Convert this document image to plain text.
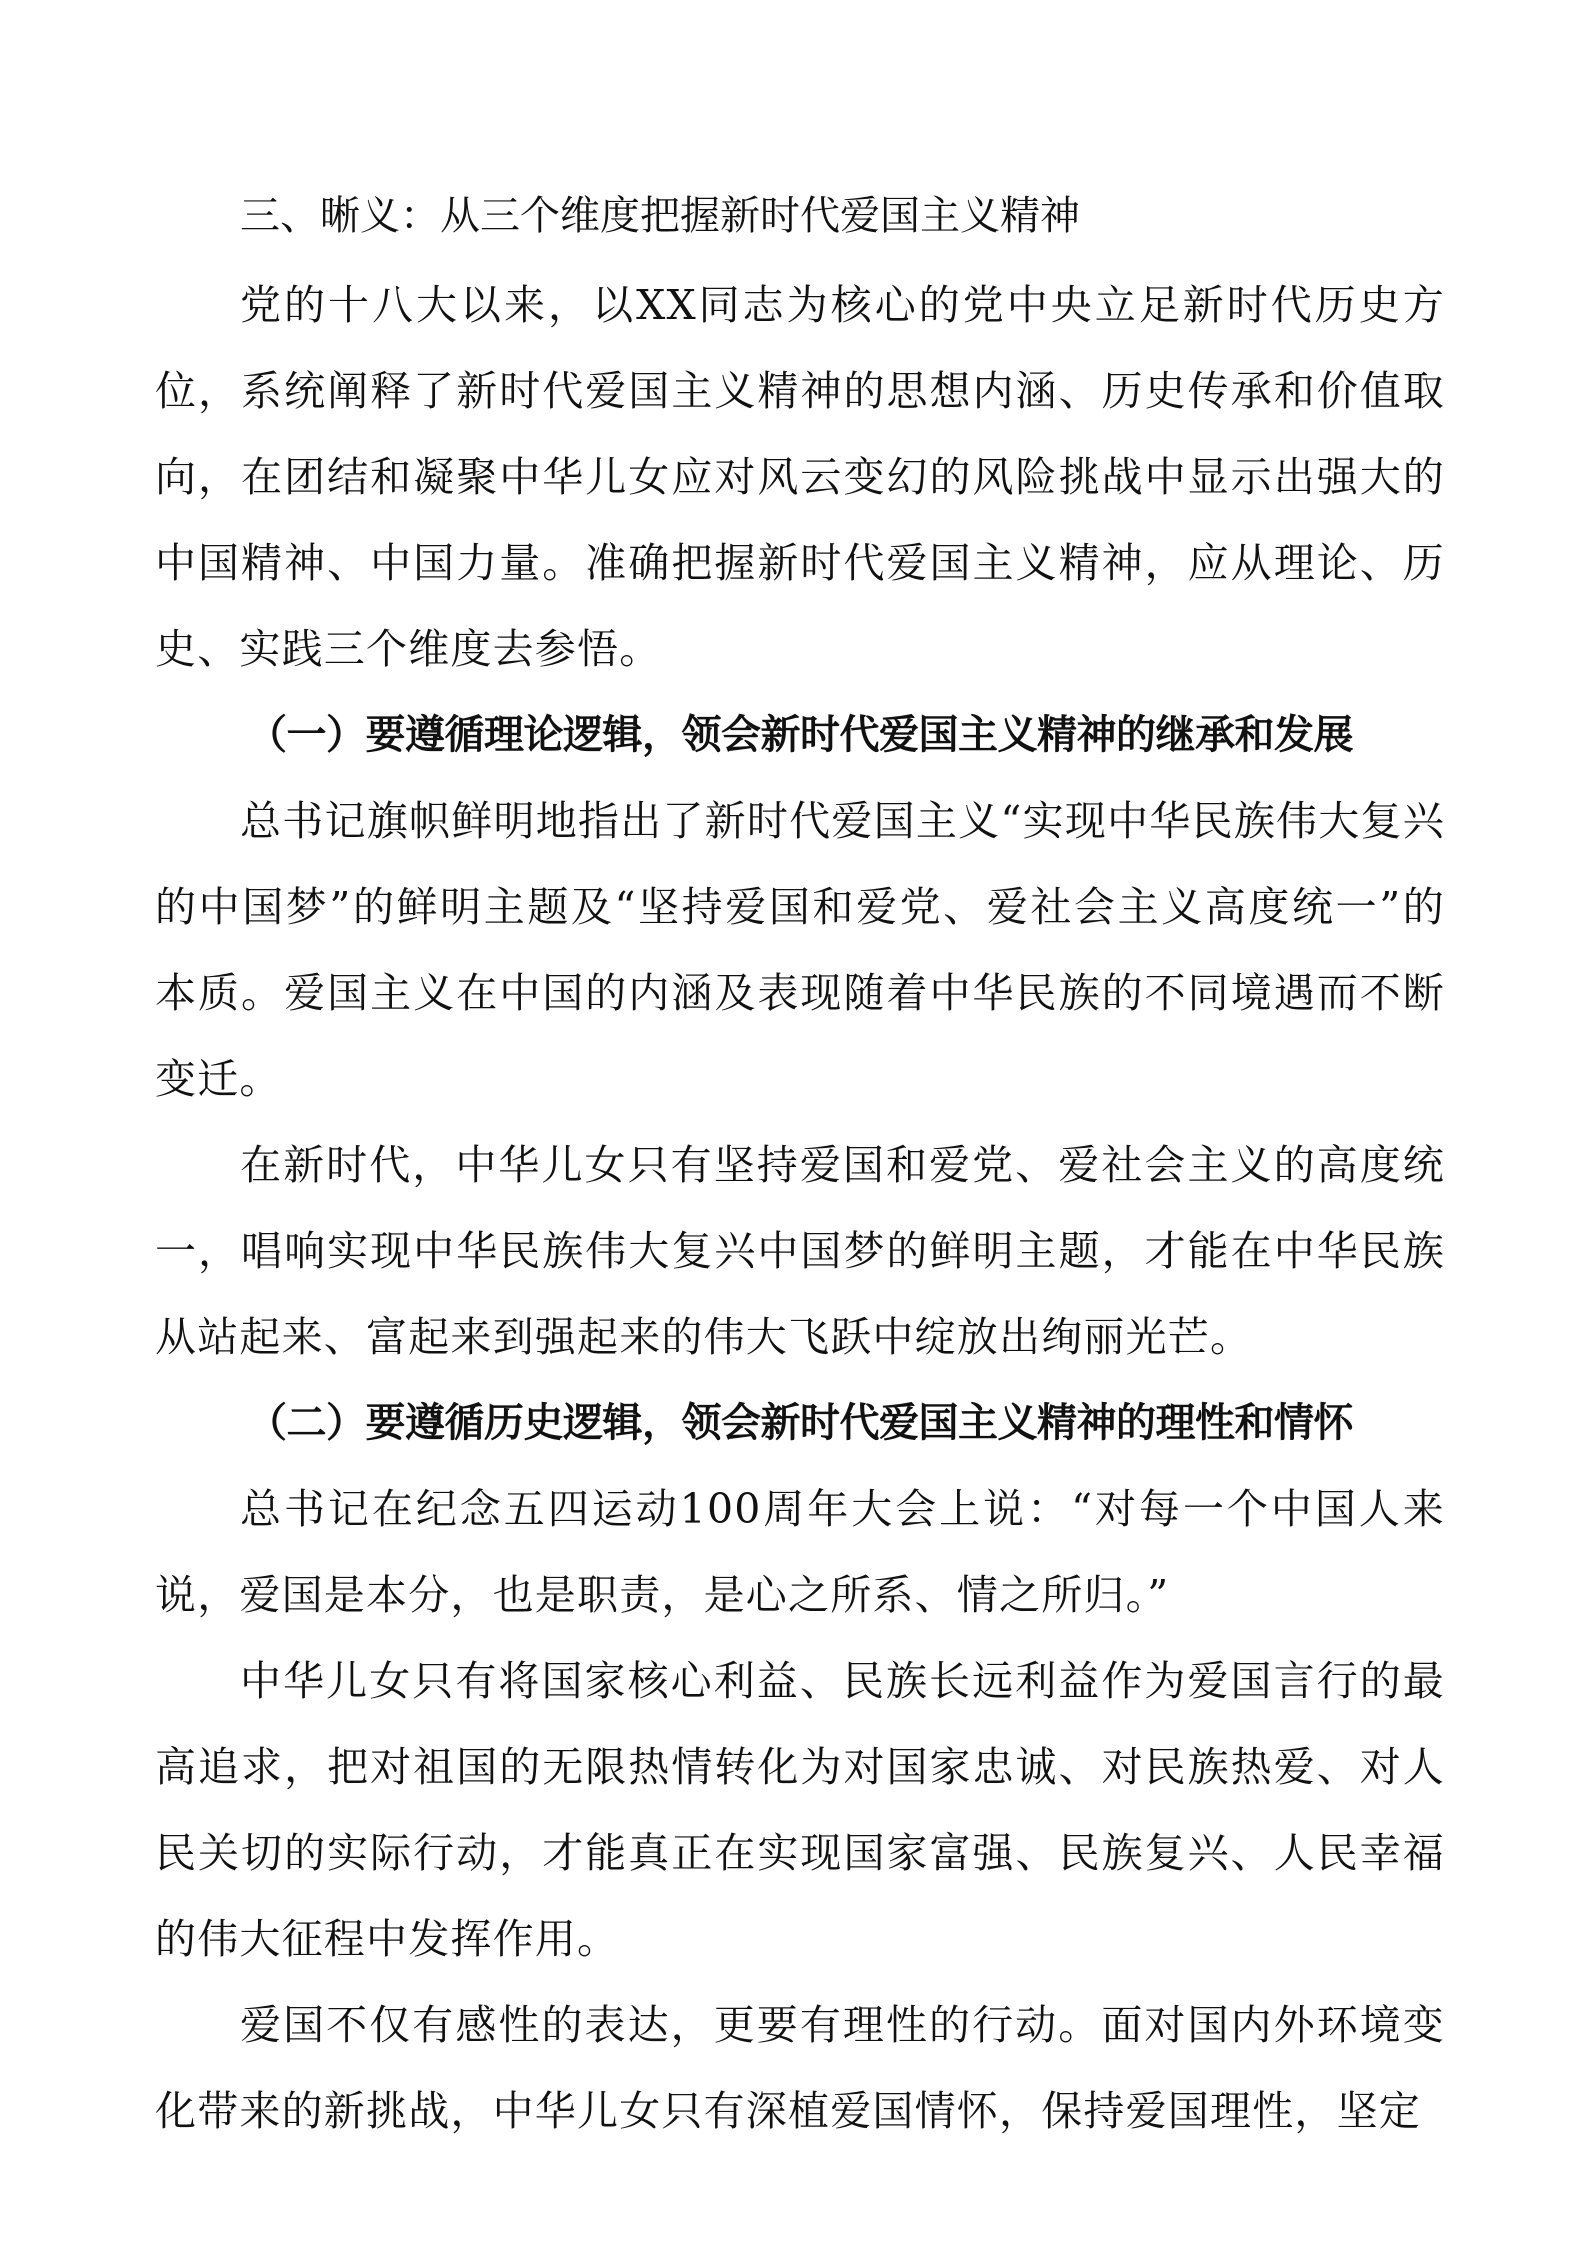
三、晰义：从三个维度把握新时代爱国主义精神

党的十八大以来，以XX同志为核心的党中央立足新时代历史方位，系统阐释了新时代爱国主义精神的思想内涵、历史传承和价值取向，在团结和凝聚中华儿女应对风云变幻的风险挑战中显示出强大的中国精神、中国力量。准确把握新时代爱国主义精神，应从理论、历史、实践三个维度去参悟。

（一）要遵循理论逻辑，领会新时代爱国主义精神的继承和发展

总书记旗帜鲜明地指出了新时代爱国主义“实现中华民族伟大复兴的中国梦”的鲜明主题及“坚持爱国和爱党、爱社会主义高度统一”的本质。爱国主义在中国的内涵及表现随着中华民族的不同境遇而不断变迁。

在新时代，中华儿女只有坚持爱国和爱党、爱社会主义的高度统一，唱响实现中华民族伟大复兴中国梦的鲜明主题，才能在中华民族从站起来、富起来到强起来的伟大飞跃中绽放出绚丽光芒。

（二）要遵循历史逻辑，领会新时代爱国主义精神的理性和情怀

总书记在纪念五四运动100周年大会上说：“对每一个中国人来说，爱国是本分，也是职责，是心之所系、情之所归。”

中华儿女只有将国家核心利益、民族长远利益作为爱国言行的最高追求，把对祖国的无限热情转化为对国家忠诚、对民族热爱、对人民关切的实际行动，才能真正在实现国家富强、民族复兴、人民幸福的伟大征程中发挥作用。

爱国不仅有感性的表达，更要有理性的行动。面对国内外环境变化带来的新挑战，中华儿女只有深植爱国情怀，保持爱国理性，坚定
